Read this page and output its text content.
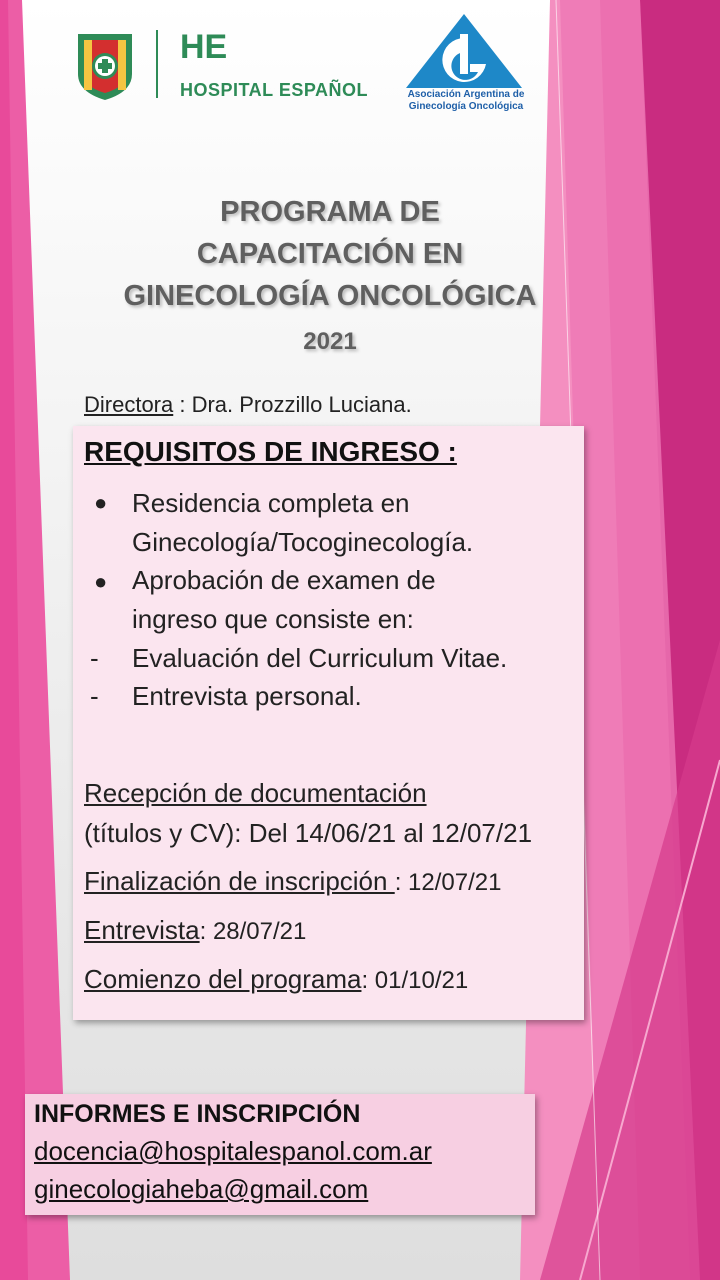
HE
HOSPITAL ESPAÑOL	Asociación Argentina de
Ginecología Oncológica
PROGRAMA DE
CAPACITACIÓN EN
GINECOLOGÍA ONCOLÓGICA
2021
Directora : Dra. Prozzillo Luciana.
REQUISITOS DE INGRESO :
● Residencia completa en
Ginecología/Tocoginecología.
● Aprobación de examen de
ingreso que consiste en:
- Evaluación del Curriculum Vitae.
- Entrevista personal.
Recepción de documentación
(títulos y CV): Del 14/06/21 al 12/07/21
Finalización de inscripción : 12/07/21
Entrevista: 28/07/21
Comienzo del programa: 01/10/21
INFORMES E INSCRIPCIÓN
docencia@hospitalespanol.com.ar
ginecologiaheba@gmail.com
